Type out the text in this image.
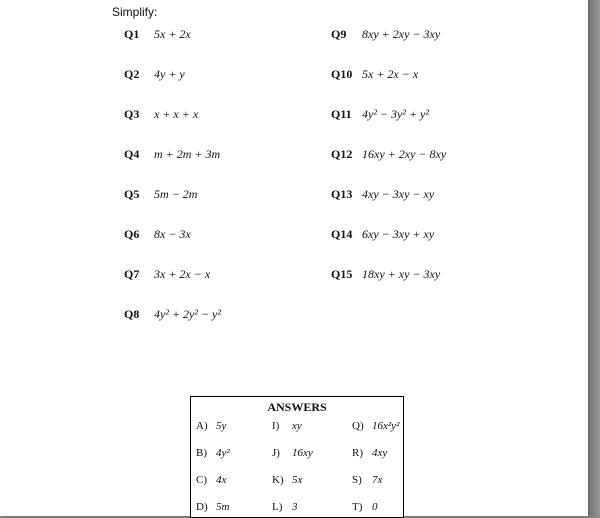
Simplify:
Q1 5x + 2x
Q2 4y + y
Q3 x + x + x
Q4 m + 2m + 3m
Q5 5m − 2m
Q6 8x − 3x
Q7 3x + 2x − x
Q8 4y² + 2y² − y²
Q9 8xy + 2xy − 3xy
Q10 5x + 2x − x
Q11 4y² − 3y² + y²
Q12 16xy + 2xy − 8xy
Q13 4xy − 3xy − xy
Q14 6xy − 3xy + xy
Q15 18xy + xy − 3xy
ANSWERS
A) 5y	I) xy	Q) 16x²y²
B) 4y²	J) 16xy	R) 4xy
C) 4x	K) 5x	S) 7x
D) 5m	L) 3	T) 0
